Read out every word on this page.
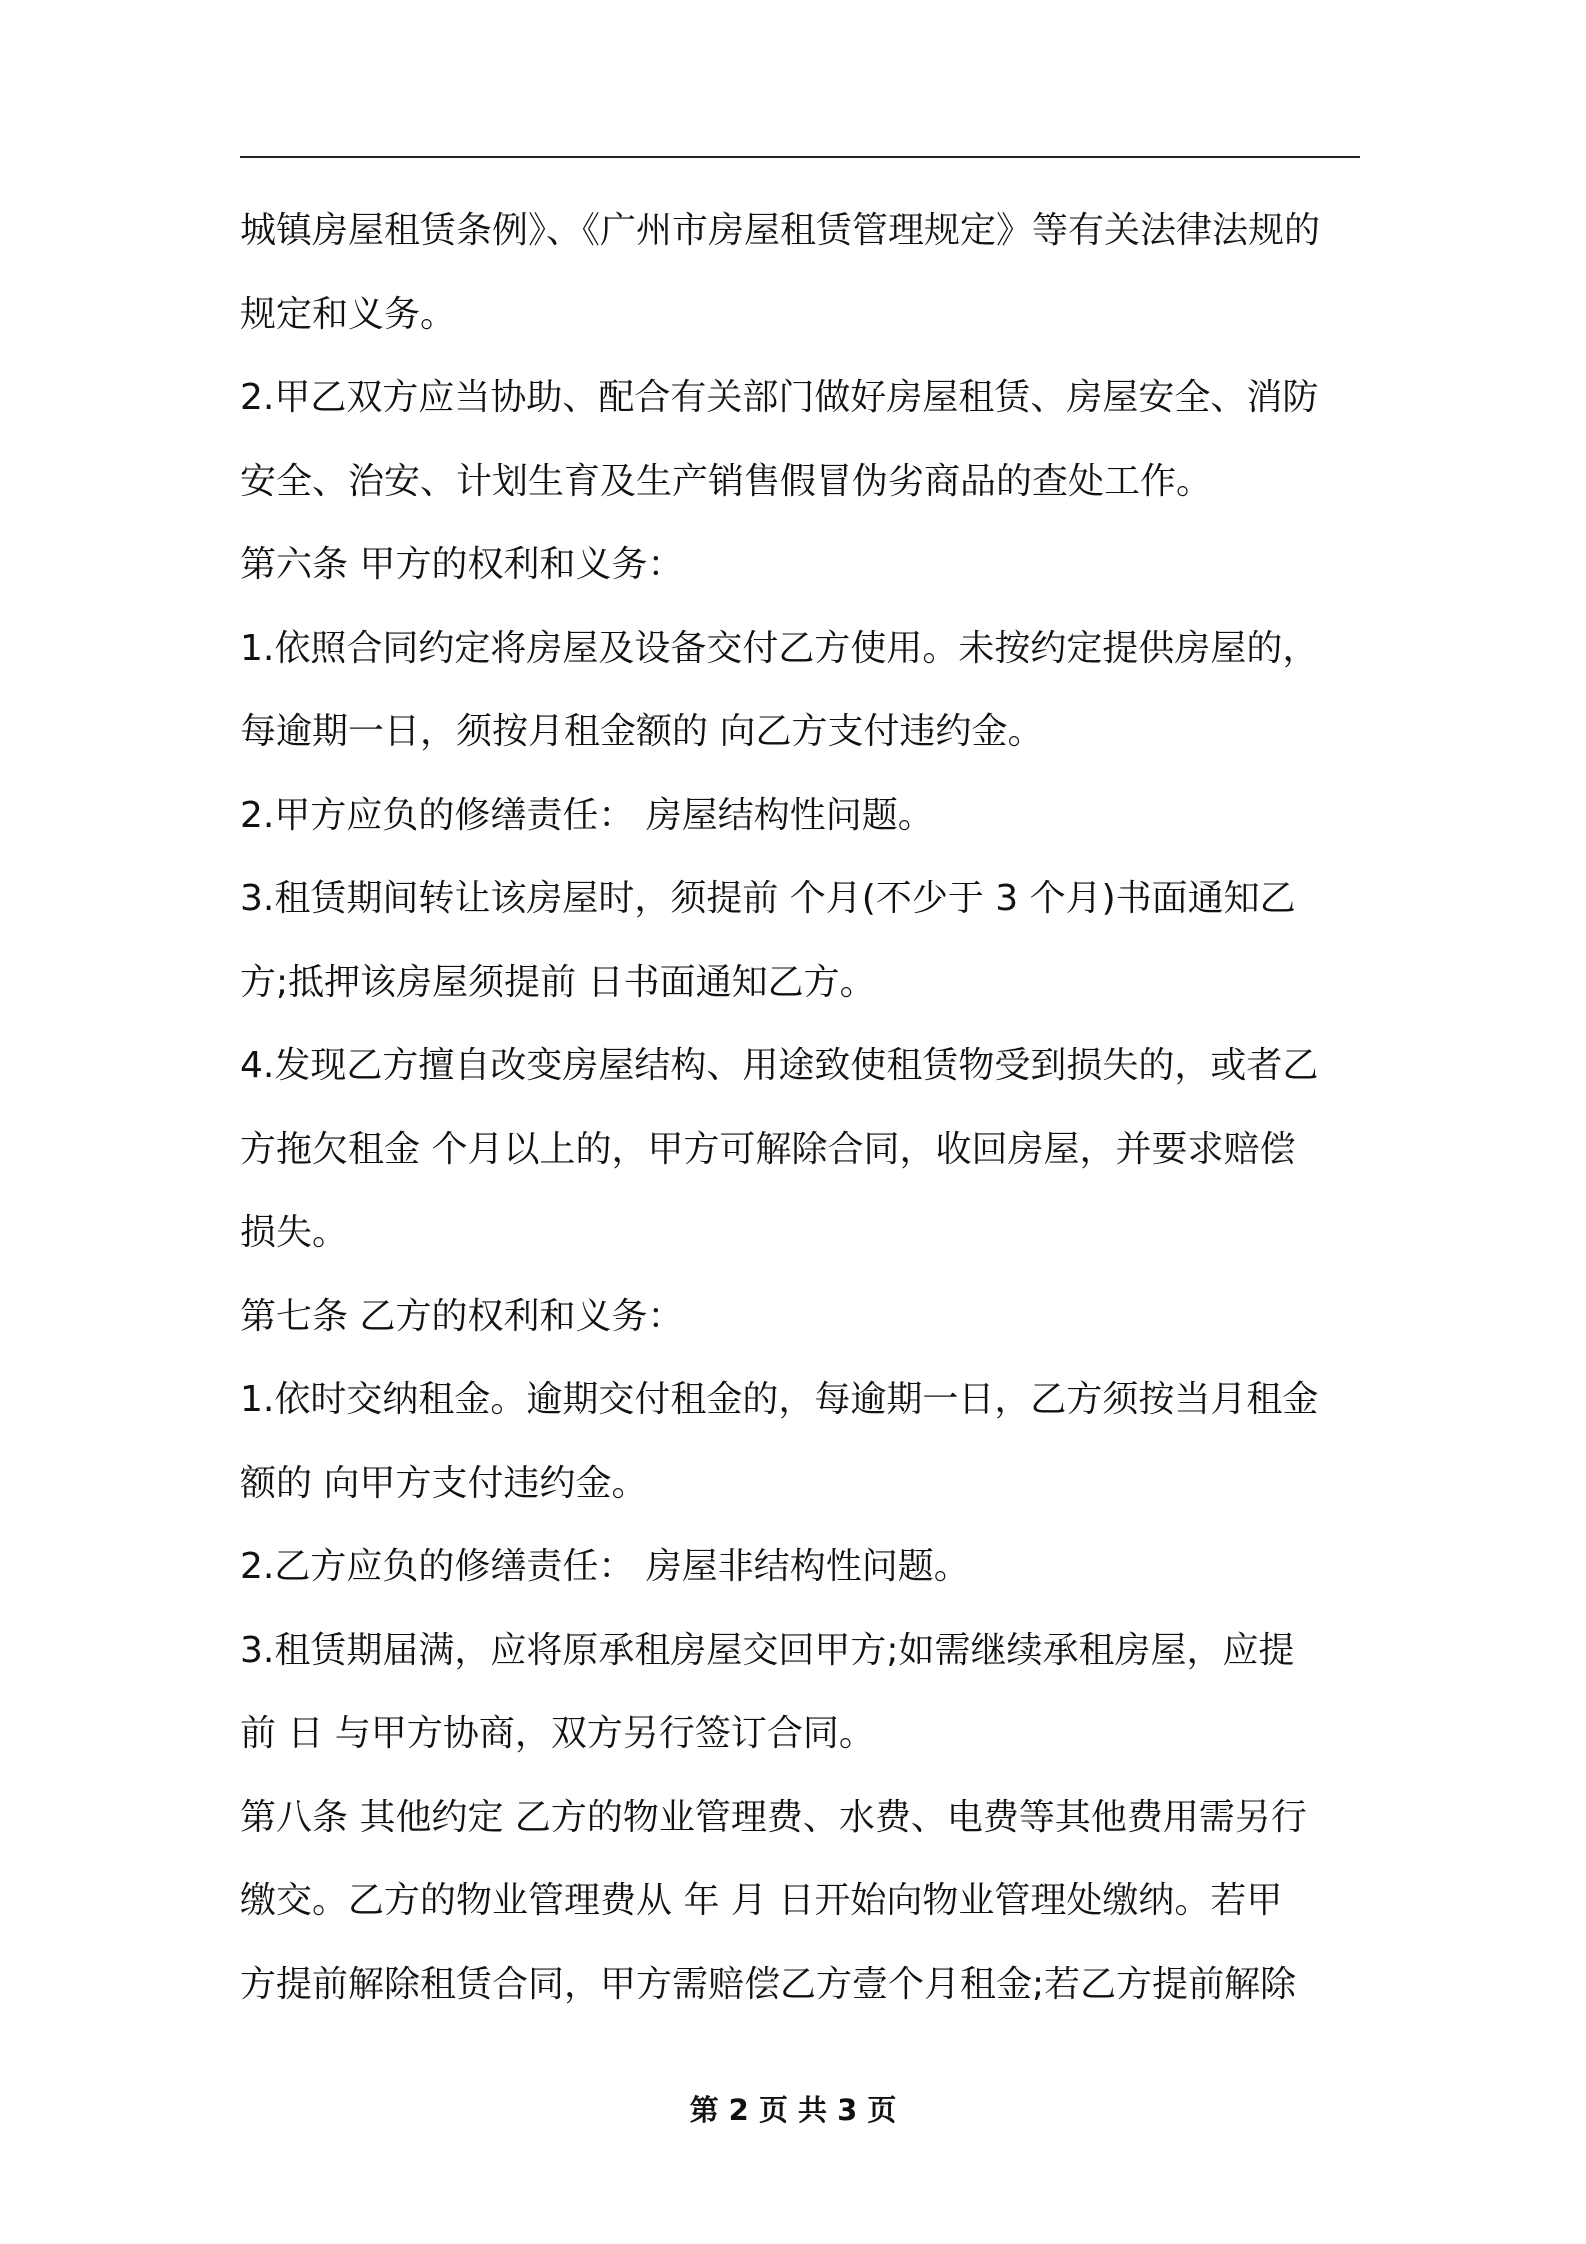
城镇房屋租赁条例》、《广州市房屋租赁管理规定》等有关法律法规的
规定和义务。
2.甲乙双方应当协助、配合有关部门做好房屋租赁、房屋安全、消防
安全、治安、计划生育及生产销售假冒伪劣商品的查处工作。
第六条 甲方的权利和义务：
1.依照合同约定将房屋及设备交付乙方使用。未按约定提供房屋的，
每逾期一日，须按月租金额的 向乙方支付违约金。
2.甲方应负的修缮责任： 房屋结构性问题。
3.租赁期间转让该房屋时，须提前 个月(不少于 3 个月)书面通知乙
方;抵押该房屋须提前 日书面通知乙方。
4.发现乙方擅自改变房屋结构、用途致使租赁物受到损失的，或者乙
方拖欠租金 个月以上的，甲方可解除合同，收回房屋，并要求赔偿
损失。
第七条 乙方的权利和义务：
1.依时交纳租金。逾期交付租金的，每逾期一日，乙方须按当月租金
额的 向甲方支付违约金。
2.乙方应负的修缮责任： 房屋非结构性问题。
3.租赁期届满，应将原承租房屋交回甲方;如需继续承租房屋，应提
前 日 与甲方协商，双方另行签订合同。
第八条 其他约定 乙方的物业管理费、水费、电费等其他费用需另行
缴交。乙方的物业管理费从 年 月 日开始向物业管理处缴纳。若甲
方提前解除租赁合同，甲方需赔偿乙方壹个月租金;若乙方提前解除
第 2 页 共 3 页
